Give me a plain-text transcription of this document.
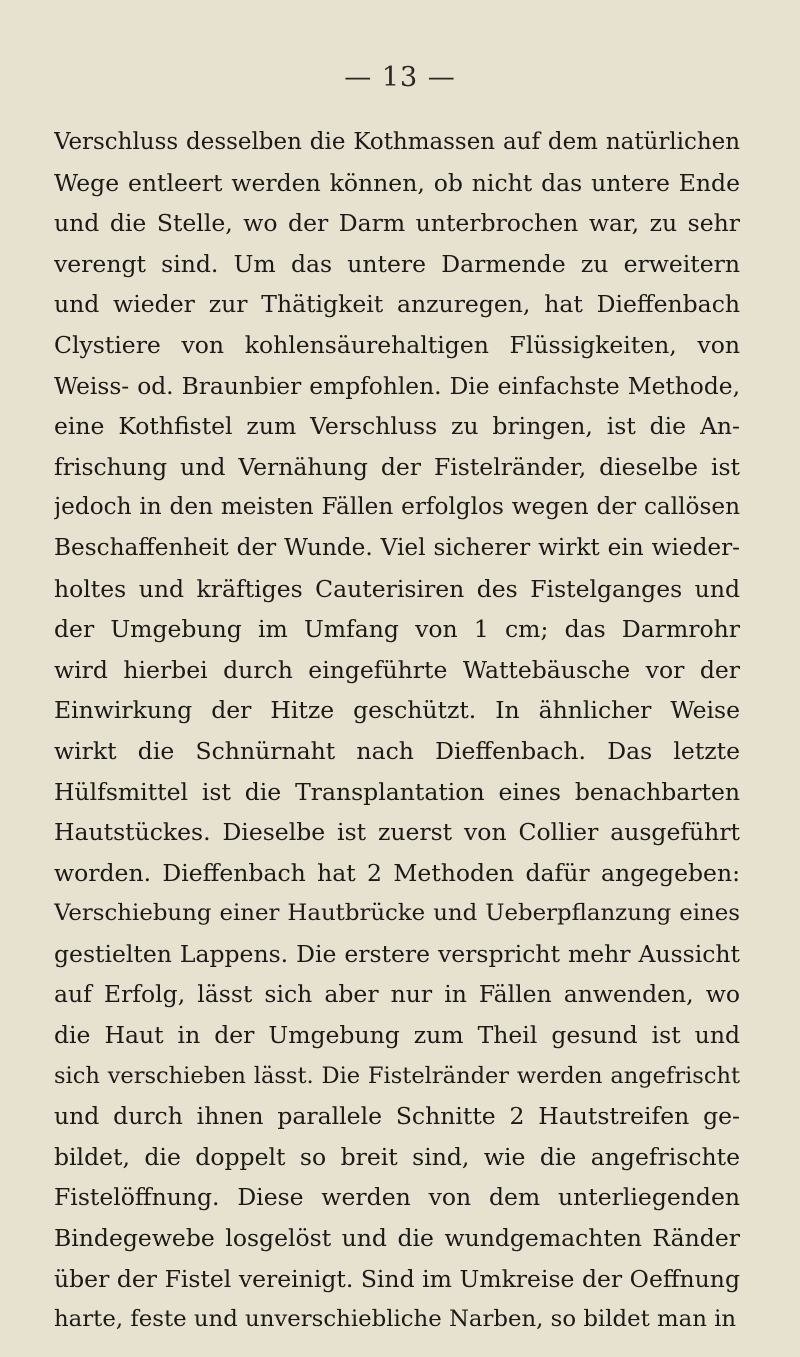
— 13 —
Verschluss desselben die Kothmassen auf dem natürlichen
Wege entleert werden können, ob nicht das untere Ende
und die Stelle, wo der Darm unterbrochen war, zu sehr
verengt sind. Um das untere Darmende zu erweitern
und wieder zur Thätigkeit anzuregen, hat Dieffenbach
Clystiere von kohlensäurehaltigen Flüssigkeiten, von
Weiss- od. Braunbier empfohlen. Die einfachste Methode,
eine Kothfistel zum Verschluss zu bringen, ist die An-
frischung und Vernähung der Fistelränder, dieselbe ist
jedoch in den meisten Fällen erfolglos wegen der callösen
Beschaffenheit der Wunde. Viel sicherer wirkt ein wieder-
holtes und kräftiges Cauterisiren des Fistelganges und
der Umgebung im Umfang von 1 cm; das Darmrohr
wird hierbei durch eingeführte Wattebäusche vor der
Einwirkung der Hitze geschützt. In ähnlicher Weise
wirkt die Schnürnaht nach Dieffenbach. Das letzte
Hülfsmittel ist die Transplantation eines benachbarten
Hautstückes. Dieselbe ist zuerst von Collier ausgeführt
worden. Dieffenbach hat 2 Methoden dafür angegeben:
Verschiebung einer Hautbrücke und Ueberpflanzung eines
gestielten Lappens. Die erstere verspricht mehr Aussicht
auf Erfolg, lässt sich aber nur in Fällen anwenden, wo
die Haut in der Umgebung zum Theil gesund ist und
sich verschieben lässt. Die Fistelränder werden angefrischt
und durch ihnen parallele Schnitte 2 Hautstreifen ge-
bildet, die doppelt so breit sind, wie die angefrischte
Fistelöffnung. Diese werden von dem unterliegenden
Bindegewebe losgelöst und die wundgemachten Ränder
über der Fistel vereinigt. Sind im Umkreise der Oeffnung
harte, feste und unverschiebliche Narben, so bildet man in
